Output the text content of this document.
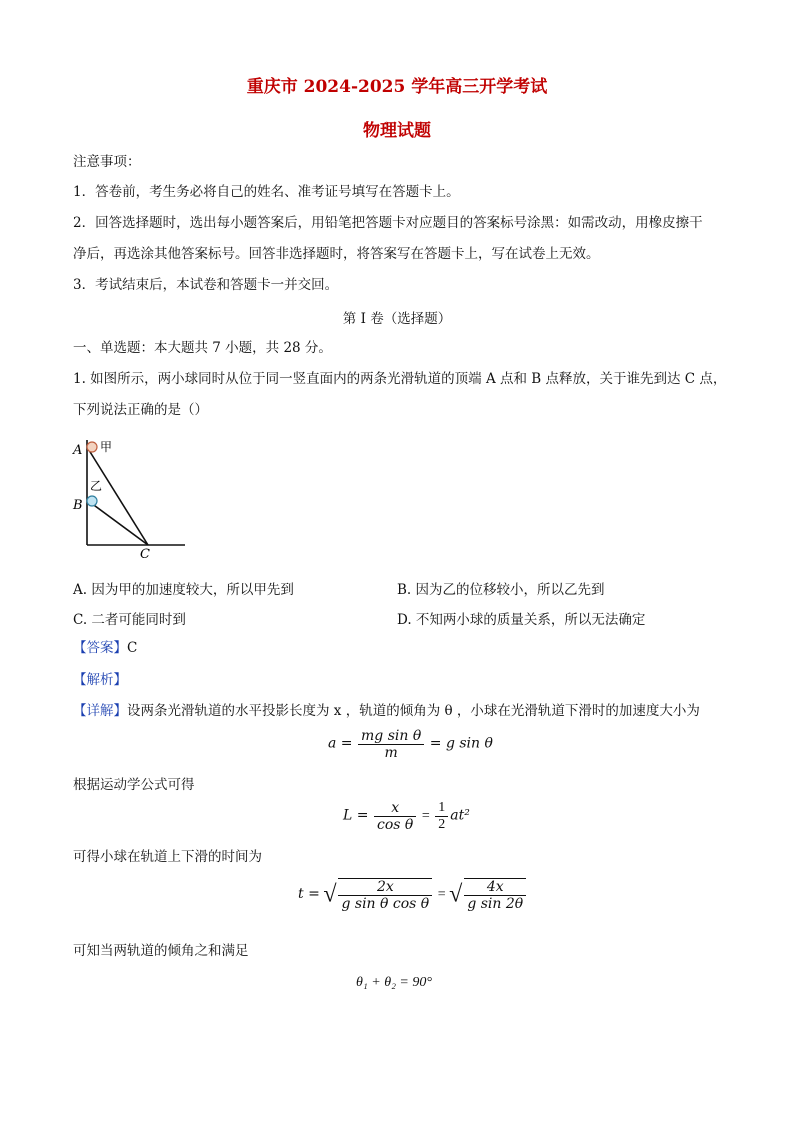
重庆市 2024-2025 学年高三开学考试
物理试题
注意事项：
1．答卷前，考生务必将自己的姓名、准考证号填写在答题卡上。
2．回答选择题时，选出每小题答案后，用铅笔把答题卡对应题目的答案标号涂黑：如需改动，用橡皮擦干
净后，再选涂其他答案标号。回答非选择题时，将答案写在答题卡上，写在试卷上无效。
3．考试结束后，本试卷和答题卡一并交回。
第 I 卷（选择题）
一、单选题：本大题共 7 小题，共 28 分。
1. 如图所示，两小球同时从位于同一竖直面内的两条光滑轨道的顶端 A 点和 B 点释放，关于谁先到达 C 点，
下列说法正确的是（）
A
B
C
甲
乙
A. 因为甲的加速度较大，所以甲先到	B. 因为乙的位移较小，所以乙先到
C. 二者可能同时到	D. 不知两小球的质量关系，所以无法确定
【答案】C
【解析】
【详解】设两条光滑轨道的水平投影长度为 x ，轨道的倾角为 θ ，小球在光滑轨道下滑时的加速度大小为
$a = \frac{\text{mg sin θ}}{m} = g$ sin θ
根据运动学公式可得
$L = \frac{x}{\text{cos θ}} = \frac{1}{2} at^2$
可得小球在轨道上下滑的时间为
t = √ $\frac{2x}{\text{g sin θ cos θ}}$ = √ $\frac{4x}{\text{g sin 2θ}}$
可知当两轨道的倾角之和满足
θ₁ + θ₂ = 90°
